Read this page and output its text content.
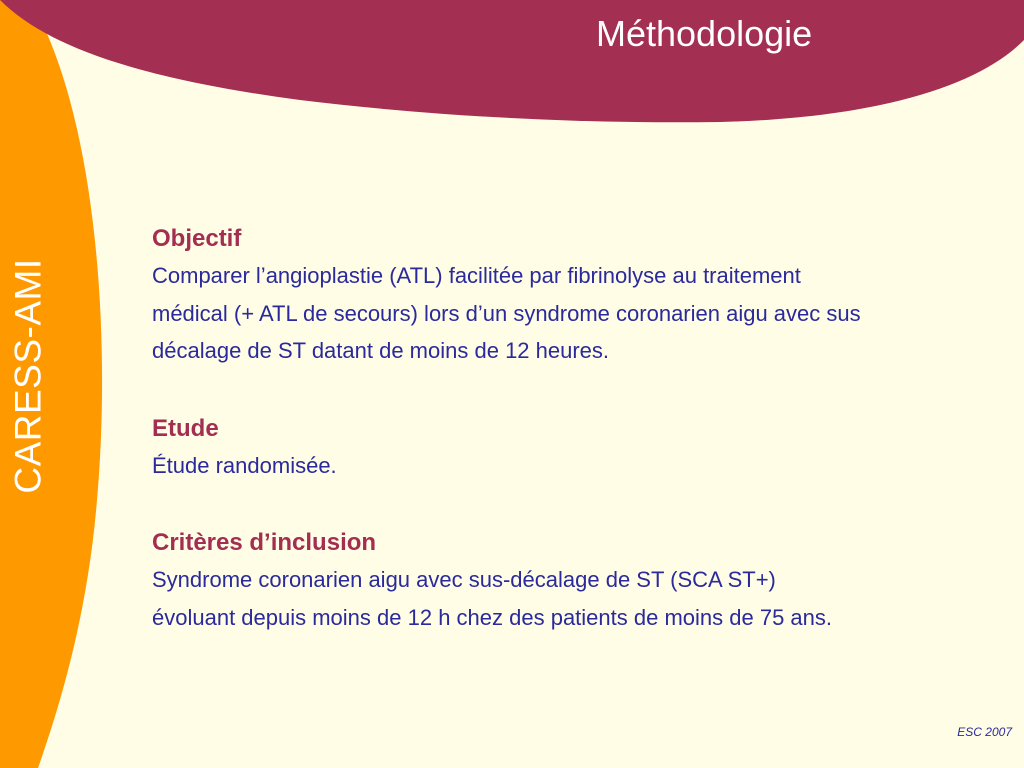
Méthodologie
CARESS-AMI

Objectif

Comparer l’angioplastie (ATL) facilitée par fibrinolyse au traitement

médical (+ ATL de secours) lors d’un syndrome coronarien aigu avec sus

décalage de ST datant de moins de 12 heures.

Etude

Étude randomisée.

Critères d’inclusion

Syndrome coronarien aigu avec sus-décalage de ST (SCA ST+)

évoluant depuis moins de 12 h chez des patients de moins de 75 ans.

ESC 2007
